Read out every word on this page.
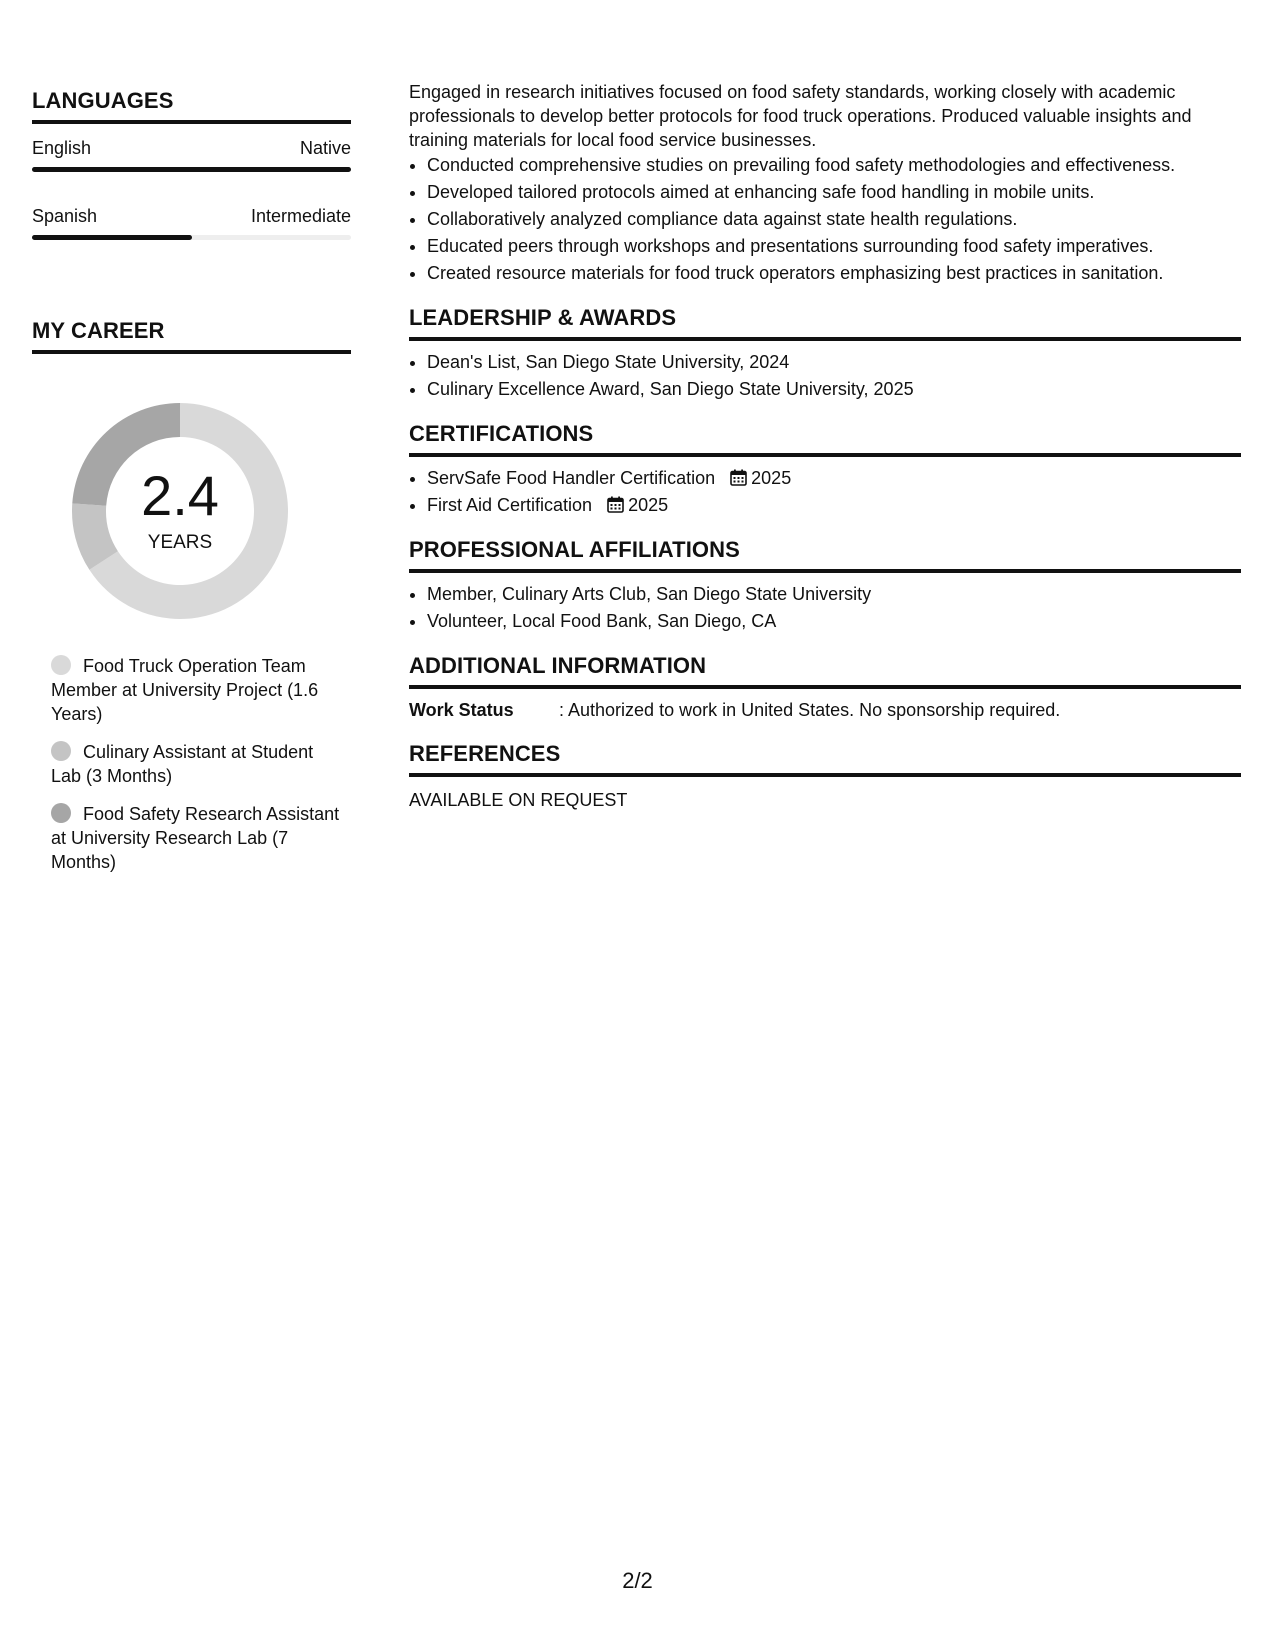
LANGUAGES
English	Native
Spanish	Intermediate
MY CAREER
2.4
YEARS
Food Truck Operation Team Member at University Project (1.6 Years)
Culinary Assistant at Student Lab (3 Months)
Food Safety Research Assistant at University Research Lab (7 Months)

Engaged in research initiatives focused on food safety standards, working closely with academic professionals to develop better protocols for food truck operations. Produced valuable insights and training materials for local food service businesses.

• Conducted comprehensive studies on prevailing food safety methodologies and effectiveness.
• Developed tailored protocols aimed at enhancing safe food handling in mobile units.
• Collaboratively analyzed compliance data against state health regulations.
• Educated peers through workshops and presentations surrounding food safety imperatives.
• Created resource materials for food truck operators emphasizing best practices in sanitation.
LEADERSHIP & AWARDS
• Dean's List, San Diego State University, 2024
• Culinary Excellence Award, San Diego State University, 2025
CERTIFICATIONS
• ServSafe Food Handler Certification 2025
• First Aid Certification 2025
PROFESSIONAL AFFILIATIONS
• Member, Culinary Arts Club, San Diego State University
• Volunteer, Local Food Bank, San Diego, CA
ADDITIONAL INFORMATION
Work Status	: Authorized to work in United States. No sponsorship required.
REFERENCES
AVAILABLE ON REQUEST
2/2
